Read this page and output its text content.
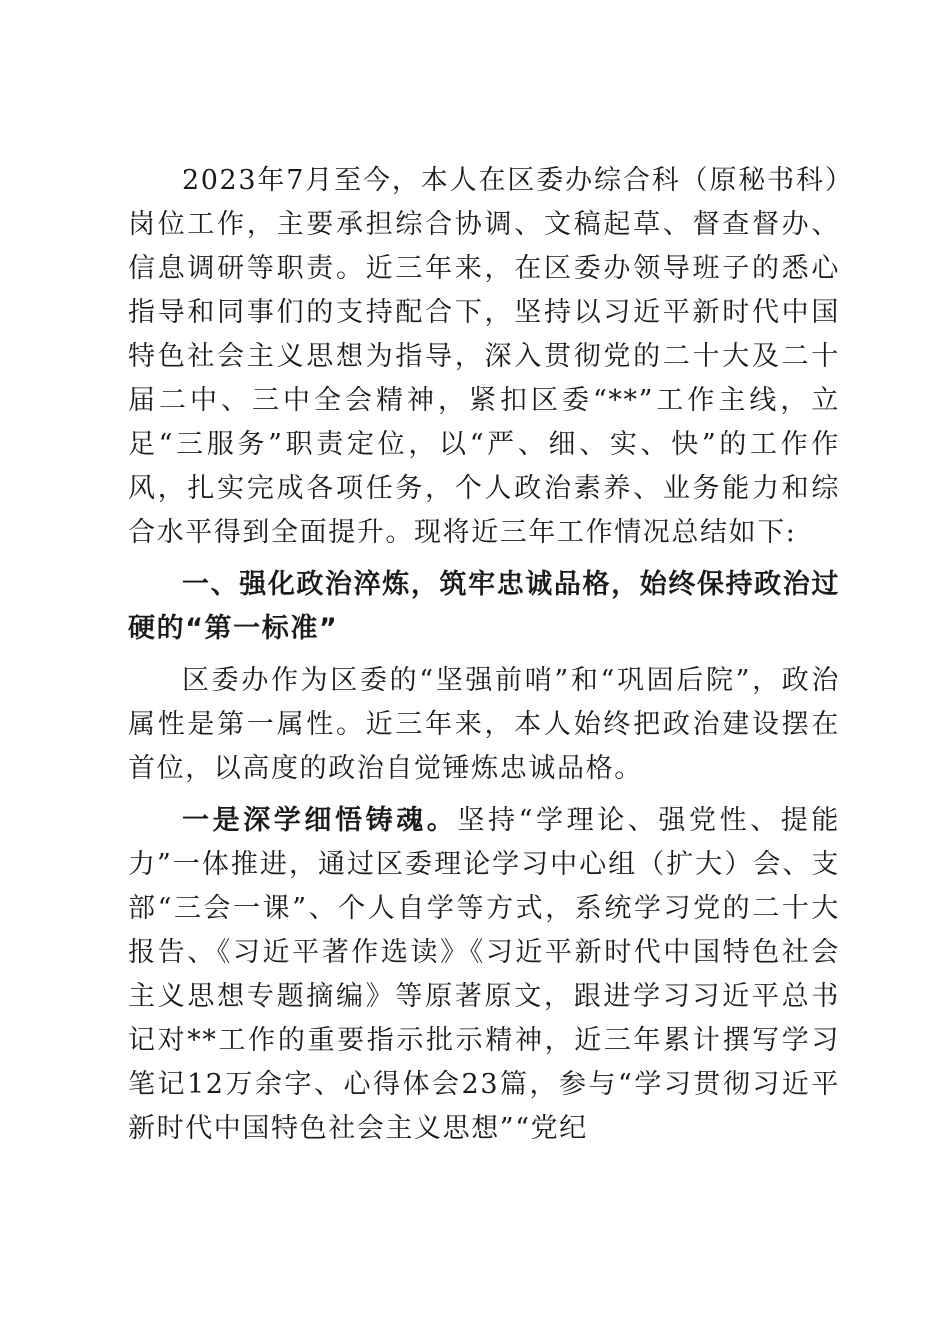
2023年7月至今，本人在区委办综合科（原秘书科）岗位工作，主要承担综合协调、文稿起草、督查督办、信息调研等职责。近三年来，在区委办领导班子的悉心指导和同事们的支持配合下，坚持以习近平新时代中国特色社会主义思想为指导，深入贯彻党的二十大及二十届二中、三中全会精神，紧扣区委“**”工作主线，立足“三服务”职责定位，以“严、细、实、快”的工作作风，扎实完成各项任务，个人政治素养、业务能力和综合水平得到全面提升。现将近三年工作情况总结如下:

一、强化政治淬炼，筑牢忠诚品格，始终保持政治过硬的“第一标准”

区委办作为区委的“坚强前哨”和“巩固后院”，政治属性是第一属性。近三年来，本人始终把政治建设摆在首位，以高度的政治自觉锤炼忠诚品格。

一是深学细悟铸魂。坚持“学理论、强党性、提能力”一体推进，通过区委理论学习中心组（扩大）会、支部“三会一课”、个人自学等方式，系统学习党的二十大报告、《习近平著作选读》《习近平新时代中国特色社会主义思想专题摘编》等原著原文，跟进学习习近平总书记对**工作的重要指示批示精神，近三年累计撰写学习笔记12万余字、心得体会23篇，参与“学习贯彻习近平新时代中国特色社会主义思想”“党纪
